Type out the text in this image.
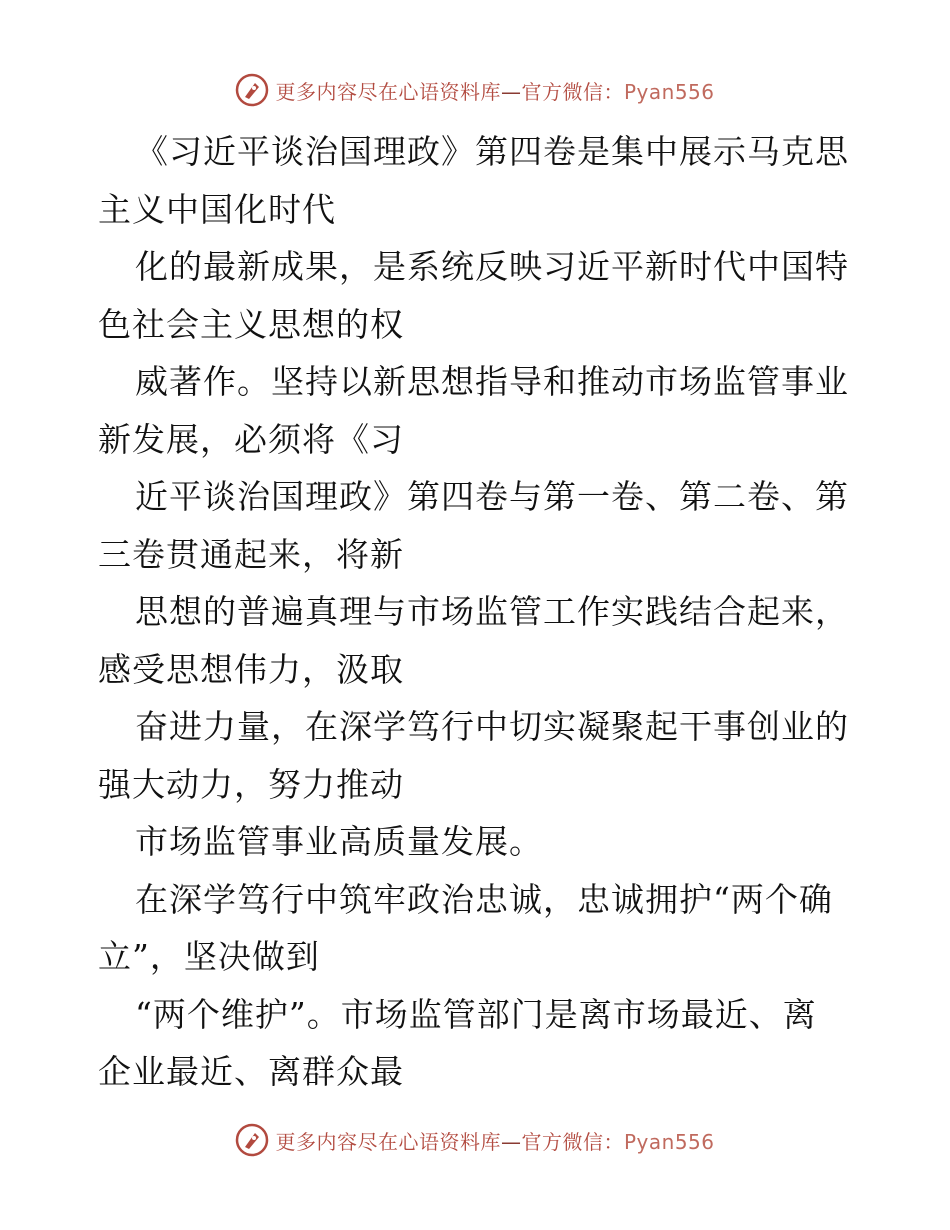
更多内容尽在心语资料库—官方微信：Pyan556
《习近平谈治国理政》第四卷是集中展示马克思
主义中国化时代
化的最新成果，是系统反映习近平新时代中国特
色社会主义思想的权
威著作。坚持以新思想指导和推动市场监管事业
新发展，必须将《习
近平谈治国理政》第四卷与第一卷、第二卷、第
三卷贯通起来，将新
思想的普遍真理与市场监管工作实践结合起来，
感受思想伟力，汲取
奋进力量，在深学笃行中切实凝聚起干事创业的
强大动力，努力推动
市场监管事业高质量发展。
在深学笃行中筑牢政治忠诚，忠诚拥护“两个确
立”，坚决做到
“两个维护”。市场监管部门是离市场最近、离
企业最近、离群众最
更多内容尽在心语资料库—官方微信：Pyan556
